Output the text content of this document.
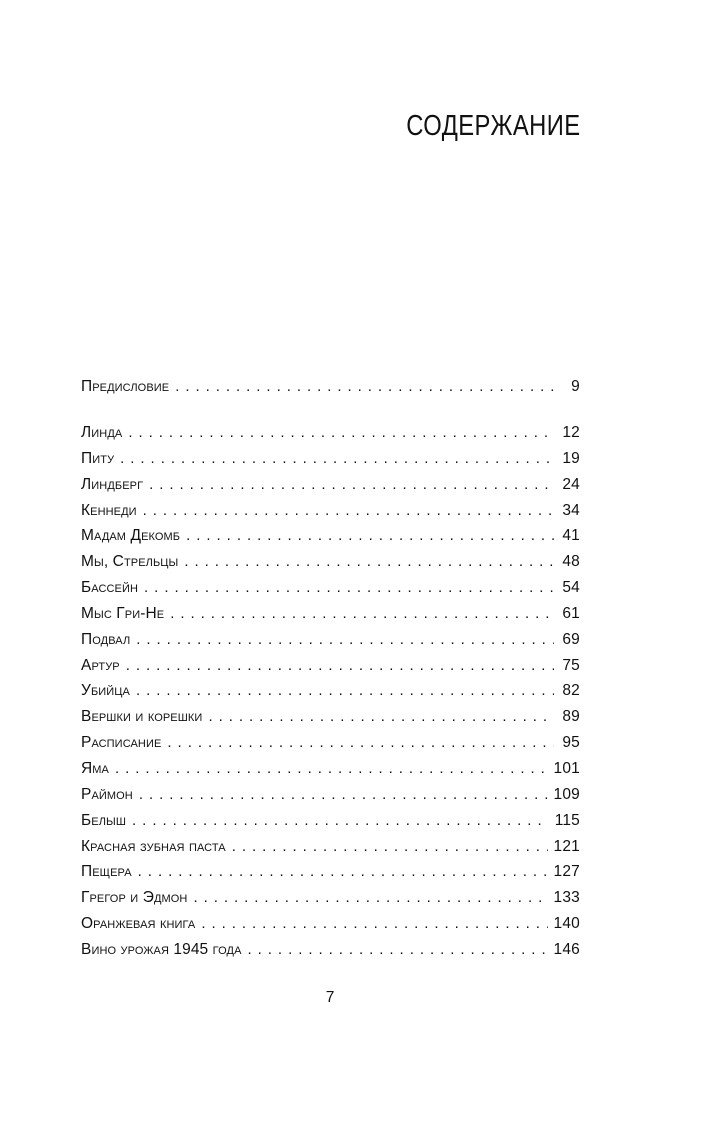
СОДЕРЖАНИЕ
Предисловие . . .	9
Линда . . .	12
Питу . . .	19
Линдберг . . .	24
Кеннеди . . .	34
Мадам Декомб . . .	41
Мы, Стрельцы . . .	48
Бассейн . . .	54
Мыс Гри-Не . . .	61
Подвал . . .	69
Артур . . .	75
Убийца . . .	82
Вершки и корешки . . .	89
Расписание . . .	95
Яма . . .	101
Раймон . . .	109
Белыш . . .	115
Красная зубная паста . . .	121
Пещера . . .	127
Грегор и Эдмон . . .	133
Оранжевая книга . . .	140
Вино урожая 1945 года . . .	146
7
